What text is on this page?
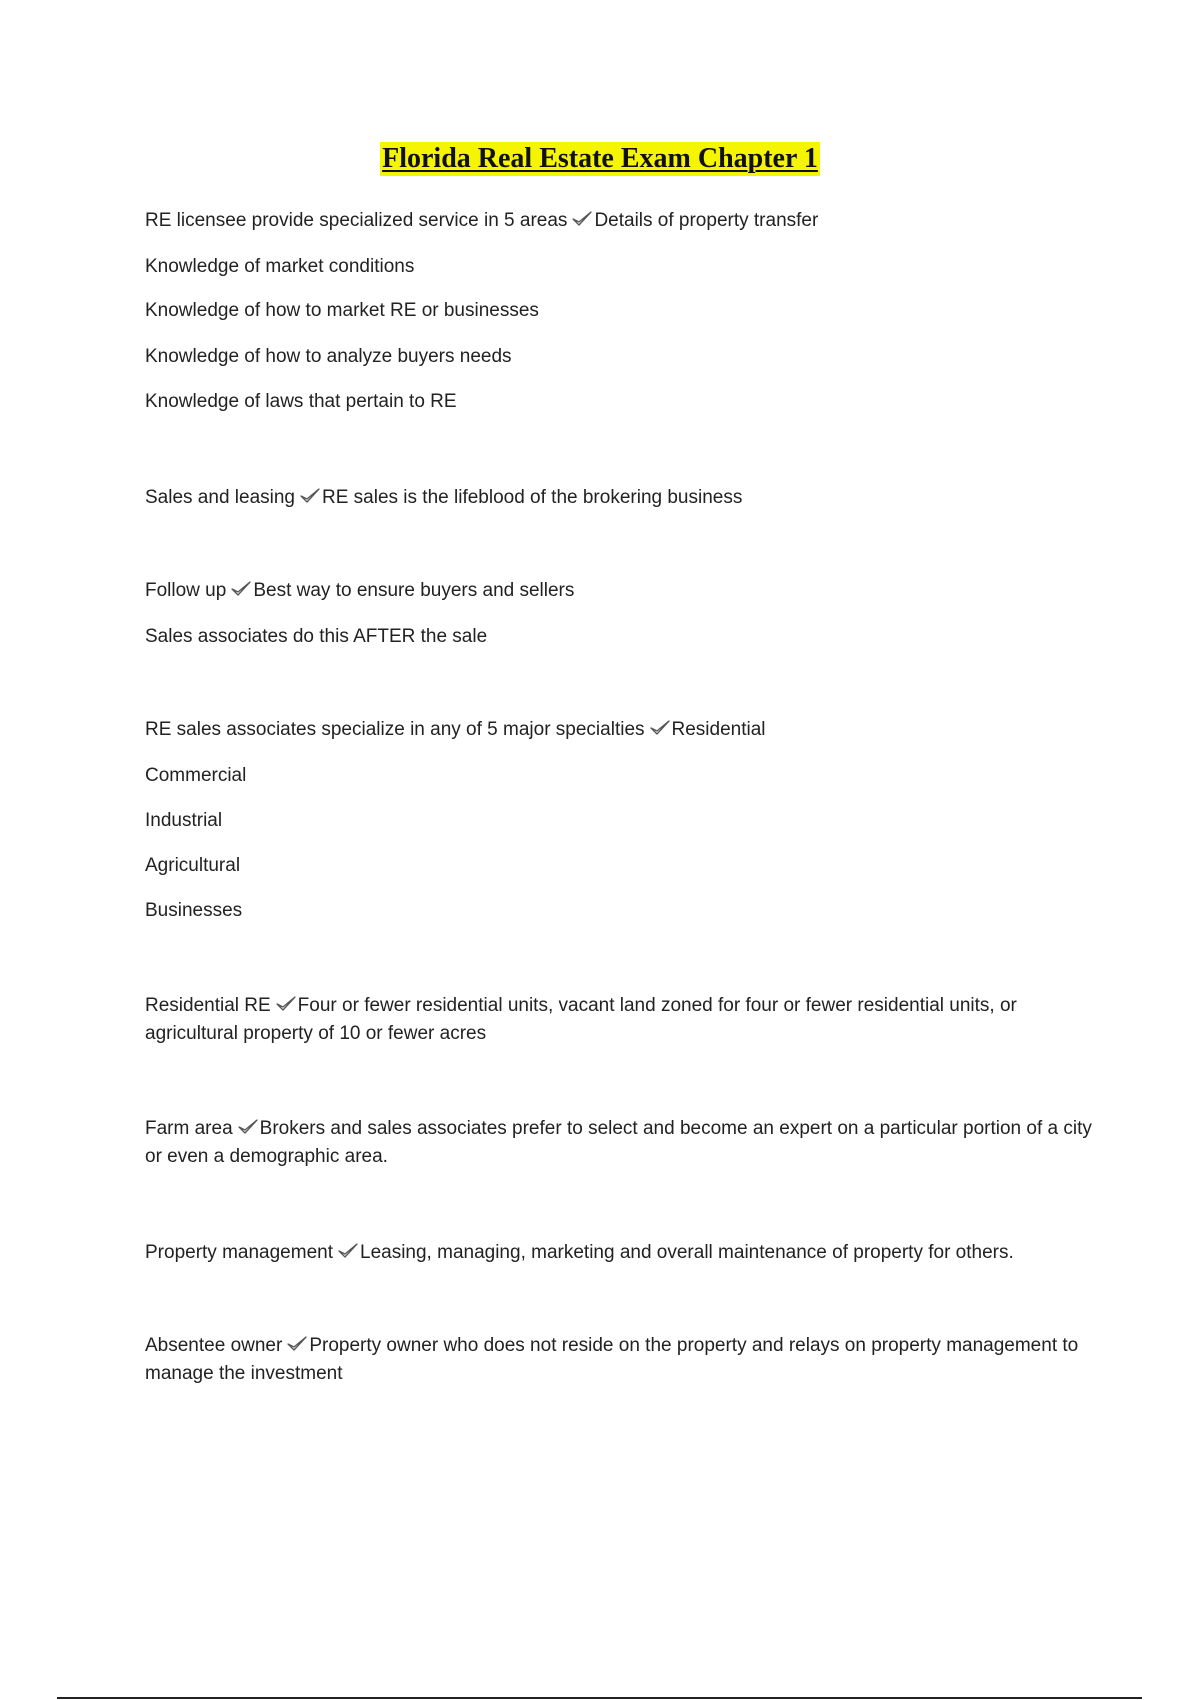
Florida Real Estate Exam Chapter 1
RE licensee provide specialized service in 5 areas Details of property transfer
Knowledge of market conditions
Knowledge of how to market RE or businesses
Knowledge of how to analyze buyers needs
Knowledge of laws that pertain to RE
Sales and leasing RE sales is the lifeblood of the brokering business
Follow up Best way to ensure buyers and sellers
Sales associates do this AFTER the sale
RE sales associates specialize in any of 5 major specialties Residential
Commercial
Industrial
Agricultural
Businesses
Residential RE Four or fewer residential units, vacant land zoned for four or fewer residential units, or agricultural property of 10 or fewer acres
Farm area Brokers and sales associates prefer to select and become an expert on a particular portion of a city or even a demographic area.
Property management Leasing, managing, marketing and overall maintenance of property for others.
Absentee owner Property owner who does not reside on the property and relays on property management to manage the investment
